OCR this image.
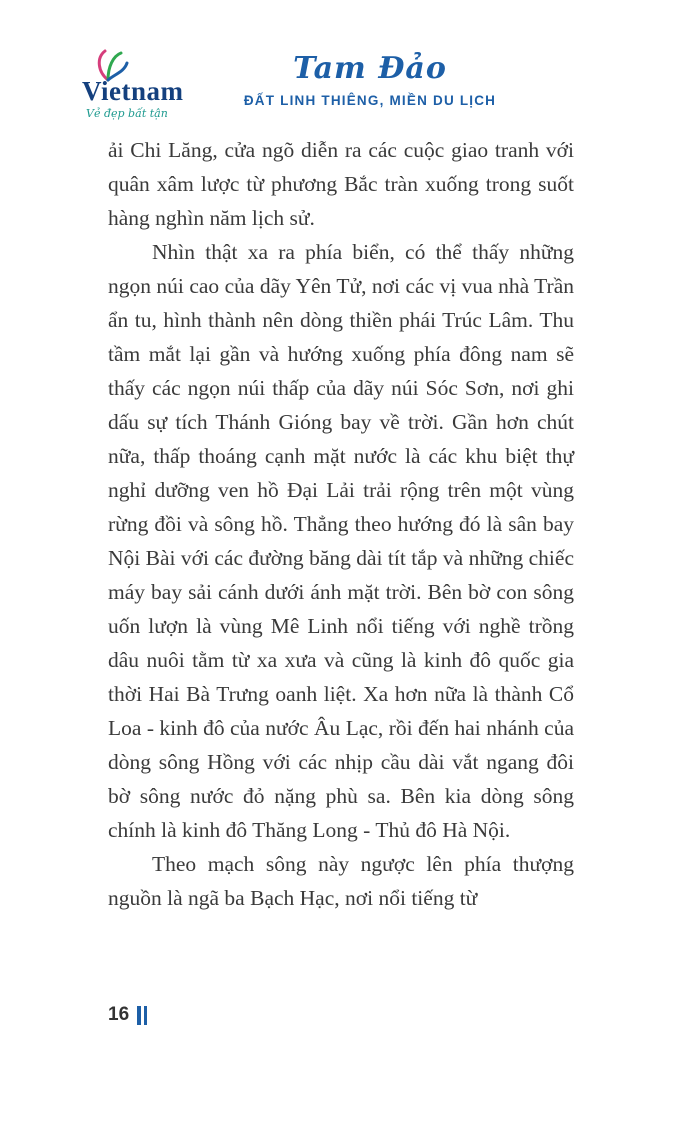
Vietnam
Vẻ đẹp bất tận
Tam Đảo
ĐẤT LINH THIÊNG, MIỀN DU LỊCH

ải Chi Lăng, cửa ngõ diễn ra các cuộc giao tranh với quân xâm lược từ phương Bắc tràn xuống trong suốt hàng nghìn năm lịch sử.

Nhìn thật xa ra phía biển, có thể thấy những ngọn núi cao của dãy Yên Tử, nơi các vị vua nhà Trần ẩn tu, hình thành nên dòng thiền phái Trúc Lâm. Thu tầm mắt lại gần và hướng xuống phía đông nam sẽ thấy các ngọn núi thấp của dãy núi Sóc Sơn, nơi ghi dấu sự tích Thánh Gióng bay về trời. Gần hơn chút nữa, thấp thoáng cạnh mặt nước là các khu biệt thự nghỉ dưỡng ven hồ Đại Lải trải rộng trên một vùng rừng đồi và sông hồ. Thẳng theo hướng đó là sân bay Nội Bài với các đường băng dài tít tắp và những chiếc máy bay sải cánh dưới ánh mặt trời. Bên bờ con sông uốn lượn là vùng Mê Linh nổi tiếng với nghề trồng dâu nuôi tằm từ xa xưa và cũng là kinh đô quốc gia thời Hai Bà Trưng oanh liệt. Xa hơn nữa là thành Cổ Loa - kinh đô của nước Âu Lạc, rồi đến hai nhánh của dòng sông Hồng với các nhịp cầu dài vắt ngang đôi bờ sông nước đỏ nặng phù sa. Bên kia dòng sông chính là kinh đô Thăng Long - Thủ đô Hà Nội.

Theo mạch sông này ngược lên phía thượng nguồn là ngã ba Bạch Hạc, nơi nổi tiếng từ

16
